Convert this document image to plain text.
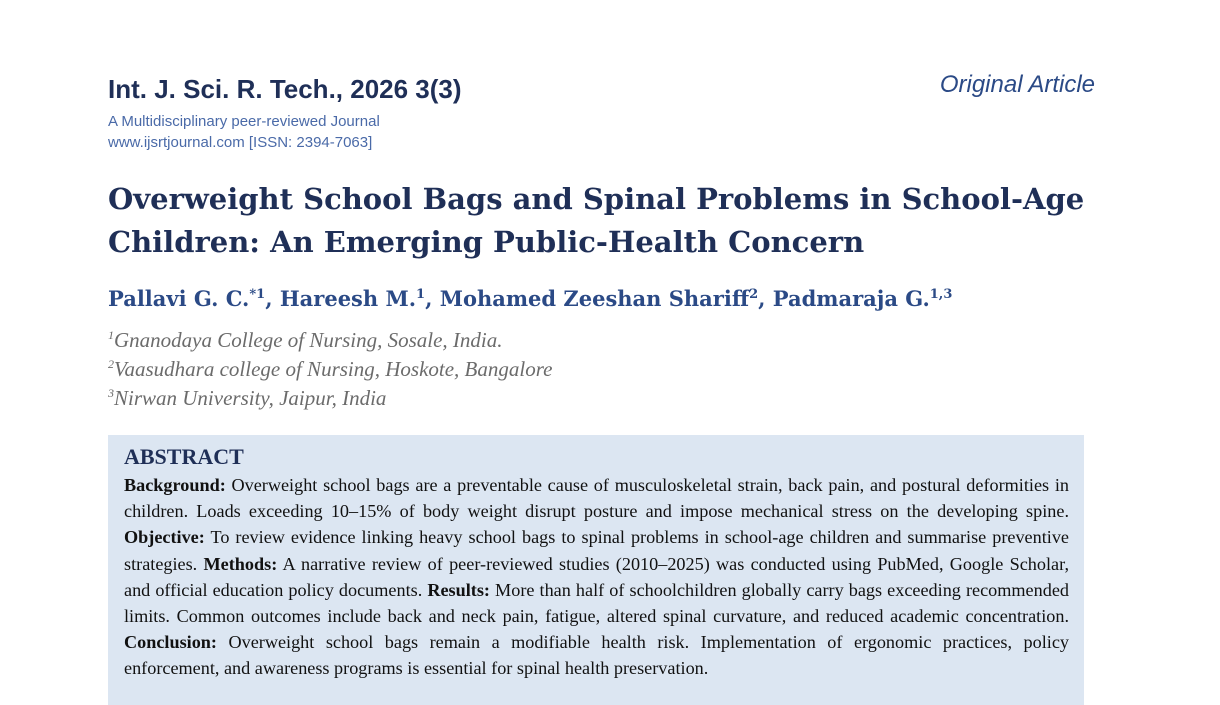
Int. J. Sci. R. Tech., 2026 3(3)	Original Article
A Multidisciplinary peer-reviewed Journal
www.ijsrtjournal.com [ISSN: 2394-7063]
Overweight School Bags and Spinal Problems in School-Age Children: An Emerging Public-Health Concern
Pallavi G. C.$^{*1}$, Hareesh M.$^1$, Mohamed Zeeshan Shariff$^2$, Padmaraja G.$^{1,3}$
$^1$Gnanodaya College of Nursing, Sosale, India.
$^2$Vaasudhara college of Nursing, Hoskote, Bangalore
$^3$Nirwan University, Jaipur, India
ABSTRACT
Background: Overweight school bags are a preventable cause of musculoskeletal strain, back pain, and postural deformities in children. Loads exceeding 10–15% of body weight disrupt posture and impose mechanical stress on the developing spine. Objective: To review evidence linking heavy school bags to spinal problems in school-age children and summarise preventive strategies. Methods: A narrative review of peer-reviewed studies (2010–2025) was conducted using PubMed, Google Scholar, and official education policy documents. Results: More than half of schoolchildren globally carry bags exceeding recommended limits. Common outcomes include back and neck pain, fatigue, altered spinal curvature, and reduced academic concentration. Conclusion: Overweight school bags remain a modifiable health risk. Implementation of ergonomic practices, policy enforcement, and awareness programs is essential for spinal health preservation.
